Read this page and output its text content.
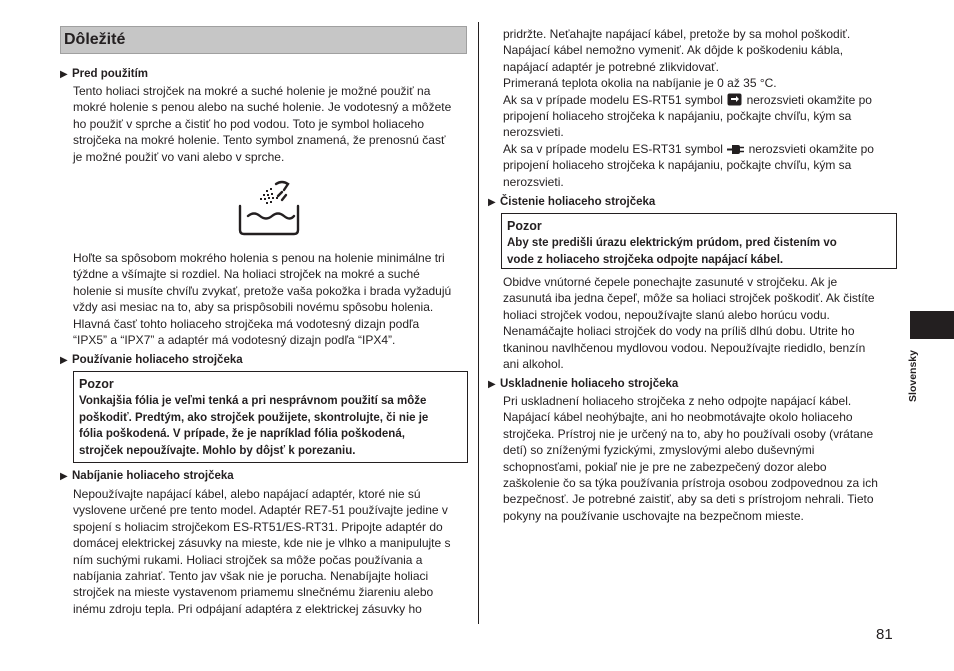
Dôležité
▶ Pred použitím
Tento holiaci strojček na mokré a suché holenie je možné použiť na
mokré holenie s penou alebo na suché holenie. Je vodotesný a môžete
ho použiť v sprche a čistiť ho pod vodou. Toto je symbol holiaceho
strojčeka na mokré holenie. Tento symbol znamená, že prenosnú časť
je možné použiť vo vani alebo v sprche.
Hoľte sa spôsobom mokrého holenia s penou na holenie minimálne tri
týždne a všímajte si rozdiel. Na holiaci strojček na mokré a suché
holenie si musíte chvíľu zvykať, pretože vaša pokožka i brada vyžadujú
vždy asi mesiac na to, aby sa prispôsobili novému spôsobu holenia.
Hlavná časť tohto holiaceho strojčeka má vodotesný dizajn podľa
“IPX5” a “IPX7” a adaptér má vodotesný dizajn podľa “IPX4”.
▶ Používanie holiaceho strojčeka
Pozor
Vonkajšia fólia je veľmi tenká a pri nesprávnom použití sa môže
poškodiť. Predtým, ako strojček použijete, skontrolujte, či nie je
fólia poškodená. V prípade, že je napríklad fólia poškodená,
strojček nepoužívajte. Mohlo by dôjsť k porezaniu.
▶ Nabíjanie holiaceho strojčeka
Nepoužívajte napájací kábel, alebo napájací adaptér, ktoré nie sú
vyslovene určené pre tento model. Adaptér RE7-51 používajte jedine v
spojení s holiacim strojčekom ES-RT51/ES-RT31. Pripojte adaptér do
domácej elektrickej zásuvky na mieste, kde nie je vlhko a manipulujte s
ním suchými rukami. Holiaci strojček sa môže počas používania a
nabíjania zahriať. Tento jav však nie je porucha. Nenabíjajte holiaci
strojček na mieste vystavenom priamemu slnečnému žiareniu alebo
inému zdroju tepla. Pri odpájaní adaptéra z elektrickej zásuvky ho
pridržte. Neťahajte napájací kábel, pretože by sa mohol poškodiť.
Napájací kábel nemožno vymeniť. Ak dôjde k poškodeniu kábla,
napájací adaptér je potrebné zlikvidovať.
Primeraná teplota okolia na nabíjanie je 0 až 35 °C.
Ak sa v prípade modelu ES-RT51 symbol nerozsvieti okamžite po
pripojení holiaceho strojčeka k napájaniu, počkajte chvíľu, kým sa
nerozsvieti.
Ak sa v prípade modelu ES-RT31 symbol nerozsvieti okamžite po
pripojení holiaceho strojčeka k napájaniu, počkajte chvíľu, kým sa
nerozsvieti.
▶ Čistenie holiaceho strojčeka
Pozor
Aby ste predišli úrazu elektrickým prúdom, pred čistením vo
vode z holiaceho strojčeka odpojte napájací kábel.
Obidve vnútorné čepele ponechajte zasunuté v strojčeku. Ak je
zasunutá iba jedna čepeľ, môže sa holiaci strojček poškodiť. Ak čistíte
holiaci strojček vodou, nepoužívajte slanú alebo horúcu vodu.
Nenamáčajte holiaci strojček do vody na príliš dlhú dobu. Utrite ho
tkaninou navlhčenou mydlovou vodou. Nepoužívajte riedidlo, benzín
ani alkohol.
▶ Uskladnenie holiaceho strojčeka
Pri uskladnení holiaceho strojčeka z neho odpojte napájací kábel.
Napájací kábel neohýbajte, ani ho neobmotávajte okolo holiaceho
strojčeka. Prístroj nie je určený na to, aby ho používali osoby (vrátane
detí) so zníženými fyzickými, zmyslovými alebo duševnými
schopnosťami, pokiaľ nie je pre ne zabezpečený dozor alebo
zaškolenie čo sa týka používania prístroja osobou zodpovednou za ich
bezpečnosť. Je potrebné zaistiť, aby sa deti s prístrojom nehrali. Tieto
pokyny na používanie uschovajte na bezpečnom mieste.
Slovensky
81
